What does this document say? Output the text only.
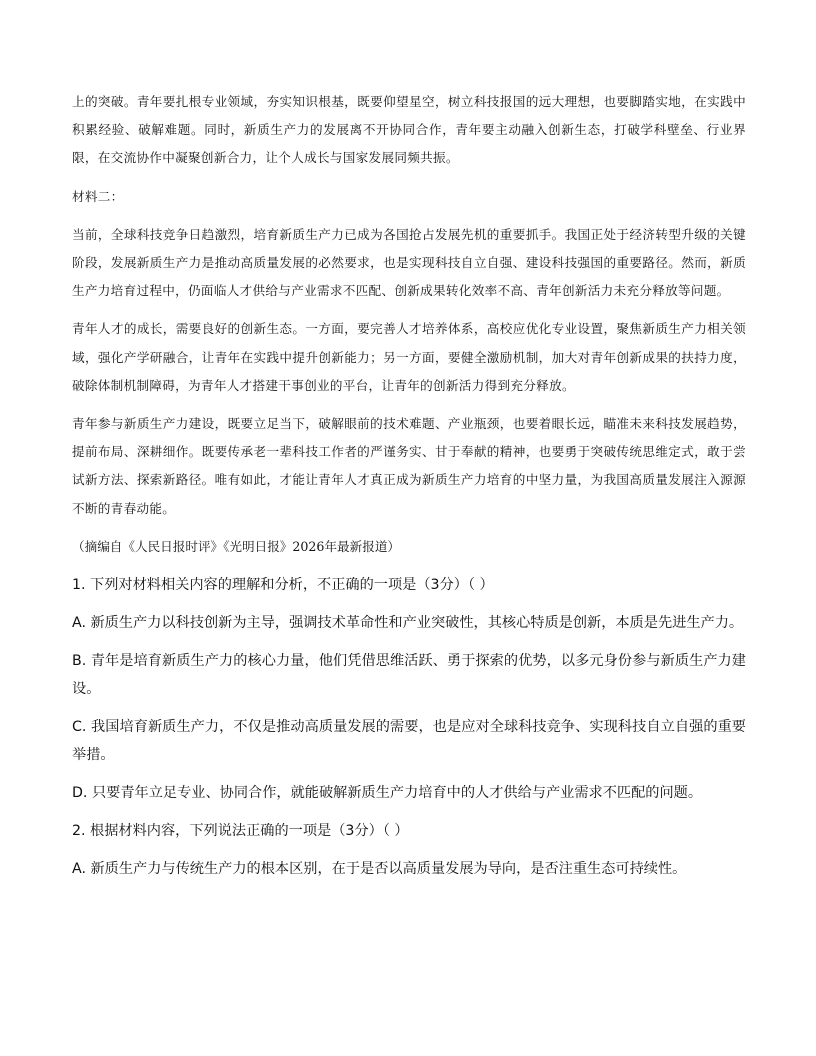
上的突破。青年要扎根专业领域，夯实知识根基，既要仰望星空，树立科技报国的远大理想，也要脚踏实地，在实践中积累经验、破解难题。同时，新质生产力的发展离不开协同合作，青年要主动融入创新生态，打破学科壁垒、行业界限，在交流协作中凝聚创新合力，让个人成长与国家发展同频共振。

材料二：

当前，全球科技竞争日趋激烈，培育新质生产力已成为各国抢占发展先机的重要抓手。我国正处于经济转型升级的关键阶段，发展新质生产力是推动高质量发展的必然要求，也是实现科技自立自强、建设科技强国的重要路径。然而，新质生产力培育过程中，仍面临人才供给与产业需求不匹配、创新成果转化效率不高、青年创新活力未充分释放等问题。

青年人才的成长，需要良好的创新生态。一方面，要完善人才培养体系，高校应优化专业设置，聚焦新质生产力相关领域，强化产学研融合，让青年在实践中提升创新能力；另一方面，要健全激励机制，加大对青年创新成果的扶持力度，破除体制机制障碍，为青年人才搭建干事创业的平台，让青年的创新活力得到充分释放。

青年参与新质生产力建设，既要立足当下，破解眼前的技术难题、产业瓶颈，也要着眼长远，瞄准未来科技发展趋势，提前布局、深耕细作。既要传承老一辈科技工作者的严谨务实、甘于奉献的精神，也要勇于突破传统思维定式，敢于尝试新方法、探索新路径。唯有如此，才能让青年人才真正成为新质生产力培育的中坚力量，为我国高质量发展注入源源不断的青春动能。

（摘编自《人民日报时评》《光明日报》2026年最新报道）

1. 下列对材料相关内容的理解和分析，不正确的一项是（3分）（ ）

A. 新质生产力以科技创新为主导，强调技术革命性和产业突破性，其核心特质是创新，本质是先进生产力。

B. 青年是培育新质生产力的核心力量，他们凭借思维活跃、勇于探索的优势，以多元身份参与新质生产力建设。

C. 我国培育新质生产力，不仅是推动高质量发展的需要，也是应对全球科技竞争、实现科技自立自强的重要举措。

D. 只要青年立足专业、协同合作，就能破解新质生产力培育中的人才供给与产业需求不匹配的问题。

2. 根据材料内容，下列说法正确的一项是（3分）（ ）

A. 新质生产力与传统生产力的根本区别，在于是否以高质量发展为导向，是否注重生态可持续性。
